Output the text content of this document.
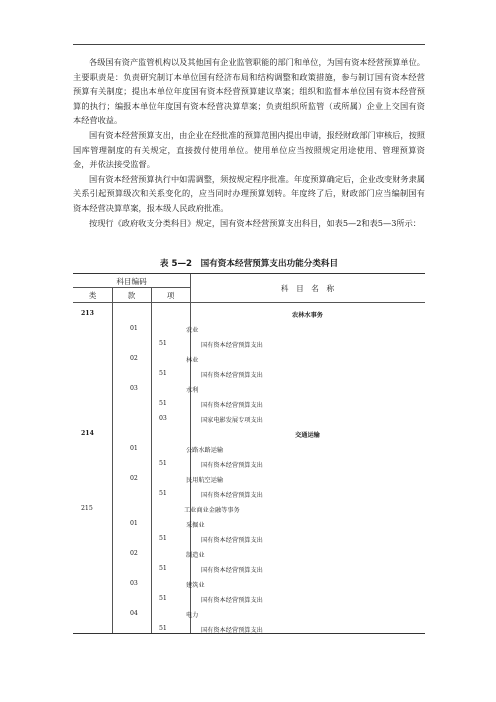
各级国有资产监管机构以及其他国有企业监管职能的部门和单位，为国有资本经营预算单位。主要职责是：负责研究制订本单位国有经济布局和结构调整和政策措施，参与制订国有资本经营预算有关制度；提出本单位年度国有资本经营预算建议草案；组织和监督本单位国有资本经营预算的执行；编报本单位年度国有资本经营决算草案；负责组织所监管（或所属）企业上交国有资本经营收益。

国有资本经营预算支出，由企业在经批准的预算范围内提出申请，报经财政部门审核后，按照国库管理制度的有关规定，直接拨付使用单位。使用单位应当按照规定用途使用、管理预算资金，并依法接受监督。

国有资本经营预算执行中如需调整，须按规定程序批准。年度预算确定后，企业改变财务隶属关系引起预算级次和关系变化的，应当同时办理预算划转。年度终了后，财政部门应当编制国有资本经营决算草案，报本级人民政府批准。

按现行《政府收支分类科目》规定，国有资本经营预算支出科目，如表5—2和表5—3所示：

表 5—2　国有资本经营预算支出功能分类科目
科目编码
类	款	项
科　目　名　称
213	农林水事务
01	农业
51	国有资本经营预算支出
02	林业
51	国有资本经营预算支出
03	水利
51	国有资本经营预算支出
03	国家电影发展专项支出
214	交通运输
01	公路水路运输
51	国有资本经营预算支出
02	民用航空运输
51	国有资本经营预算支出
215	工业商业金融等事务
01	采掘业
51	国有资本经营预算支出
02	制造业
51	国有资本经营预算支出
03	建筑业
51	国有资本经营预算支出
04	电力
51	国有资本经营预算支出
